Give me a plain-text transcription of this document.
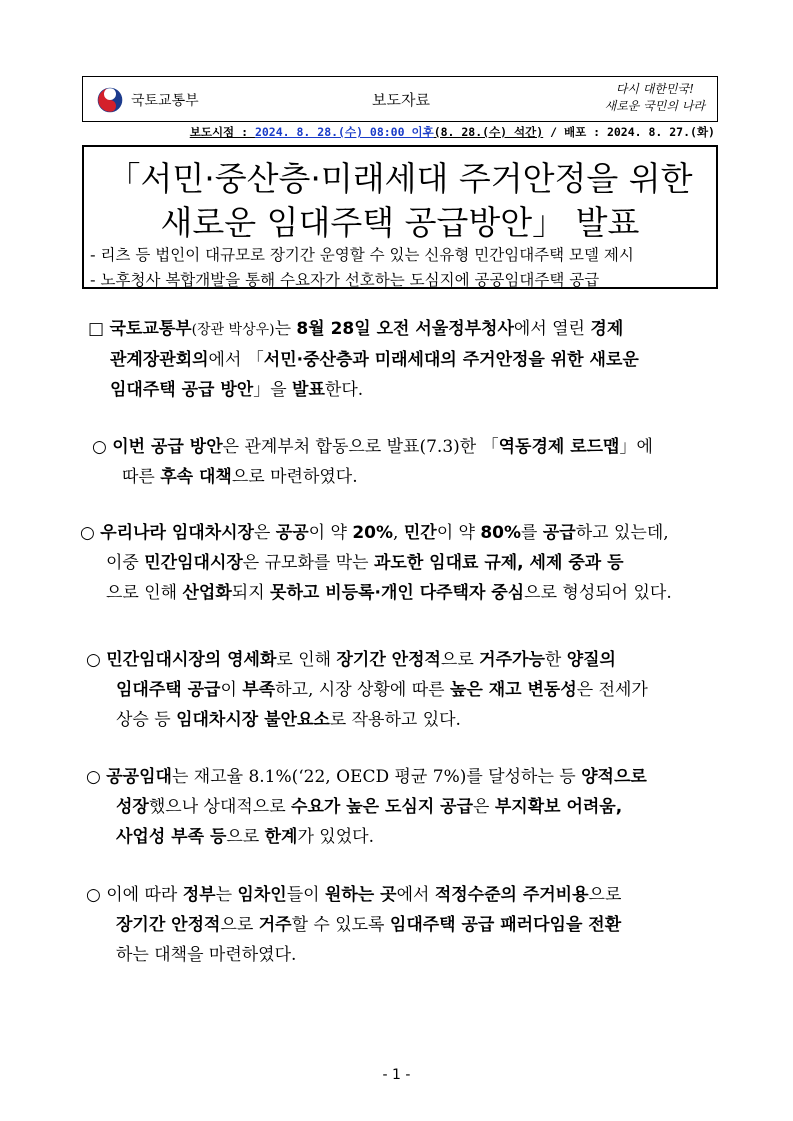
국토교통부	보도자료
다시 대한민국!
새로운 국민의 나라
보도시점 : 2024. 8. 28.(수) 08:00 이후(8. 28.(수) 석간) / 배포 : 2024. 8. 27.(화)
「서민·중산층·미래세대 주거안정을 위한
새로운 임대주택 공급방안」 발표
- 리츠 등 법인이 대규모로 장기간 운영할 수 있는 신유형 민간임대주택 모델 제시
- 노후청사 복합개발을 통해 수요자가 선호하는 도심지에 공공임대주택 공급
□ 국토교통부(장관 박상우)는 8월 28일 오전 서울정부청사에서 열린 경제
관계장관회의에서 「서민·중산층과 미래세대의 주거안정을 위한 새로운
임대주택 공급 방안」을 발표한다.
○ 이번 공급 방안은 관계부처 합동으로 발표(7.3)한 「역동경제 로드맵」에
따른 후속 대책으로 마련하였다.
○ 우리나라 임대차시장은 공공이 약 20%, 민간이 약 80%를 공급하고 있는데,
이중 민간임대시장은 규모화를 막는 과도한 임대료 규제, 세제 중과 등
으로 인해 산업화되지 못하고 비등록·개인 다주택자 중심으로 형성되어 있다.
○ 민간임대시장의 영세화로 인해 장기간 안정적으로 거주가능한 양질의
임대주택 공급이 부족하고, 시장 상황에 따른 높은 재고 변동성은 전세가
상승 등 임대차시장 불안요소로 작용하고 있다.
○ 공공임대는 재고율 8.1%(‘22, OECD 평균 7%)를 달성하는 등 양적으로
성장했으나 상대적으로 수요가 높은 도심지 공급은 부지확보 어려움,
사업성 부족 등으로 한계가 있었다.
○ 이에 따라 정부는 임차인들이 원하는 곳에서 적정수준의 주거비용으로
장기간 안정적으로 거주할 수 있도록 임대주택 공급 패러다임을 전환
하는 대책을 마련하였다.
- 1 -
